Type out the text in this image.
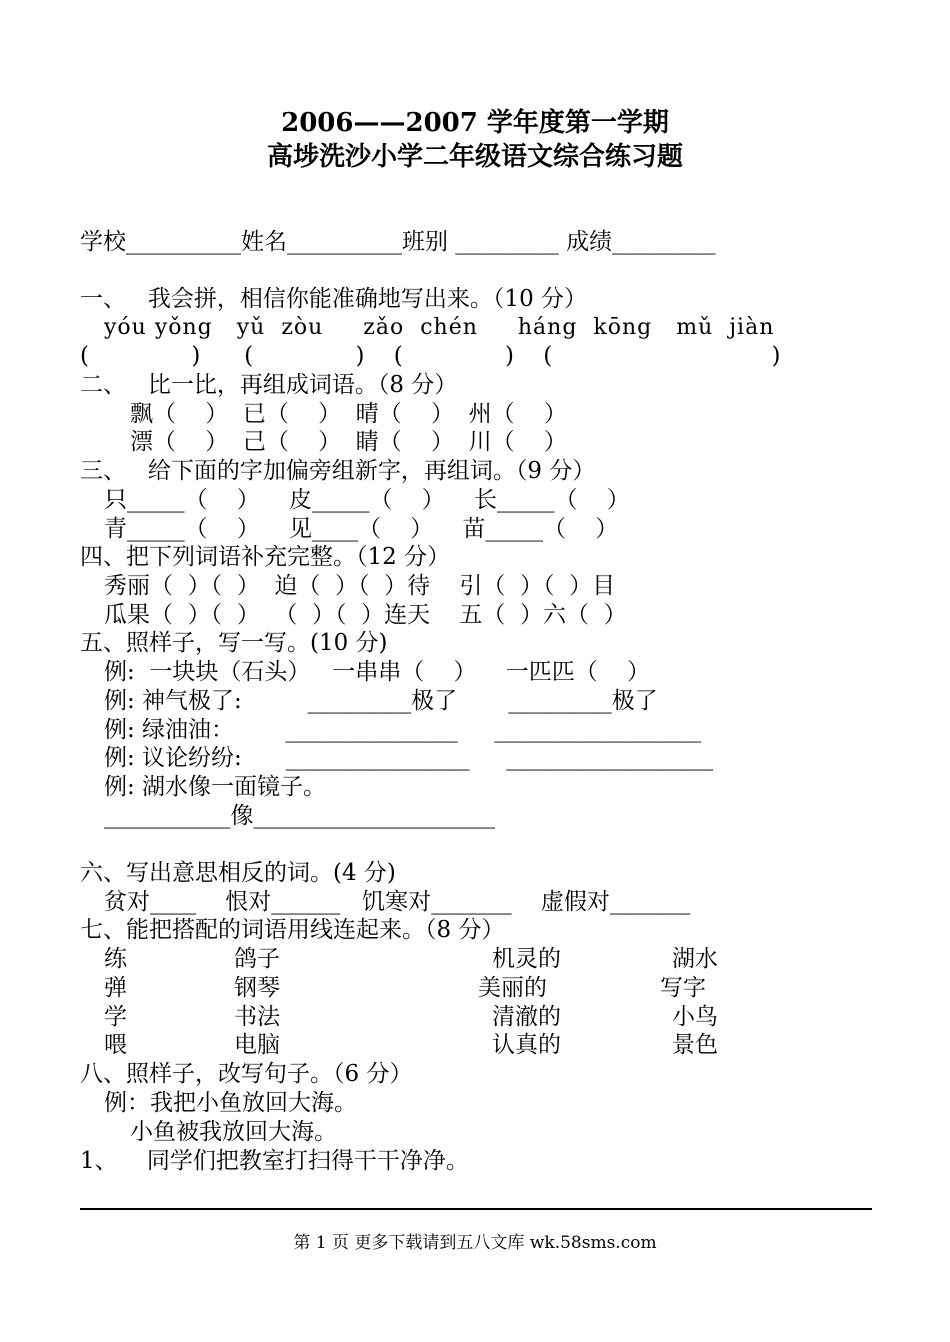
2006——2007 学年度第一学期
高埗洗沙小学二年级语文综合练习题
学校__________姓名__________班别 _________ 成绩_________
一、   我会拼，相信你能准确地写出来。（10 分）
yóu yǒng   yǔ  zòu     zǎo  chén     háng  kōng   mǔ  jiàn
(              )      (              )    (              )    (                              )
二、   比一比，再组成词语。（8 分）
飘（    ）  已（    ）  晴（    ）  州（    ）
漂（    ）  己（    ）  睛（    ）  川（    ）
三、   给下面的字加偏旁组新字，再组词。（9 分）
只_____（    ）    皮_____（    ）    长_____（    ）
青_____（    ）    见____（    ）    苗_____（    ）
四、把下列词语补充完整。（12 分）
秀丽（  ）（  ）  迫（  ）（  ）待    引（  ）（  ）目
瓜果（  ）（  ）  （  ）（  ）连天    五（  ）六（  ）
五、照样子，写一写。(10 分)
例:  一块块（石头）   一串串（    ）    一匹匹（    ）
例: 神气极了:         _________极了       _________极了
例: 绿油油：       _______________     __________________
例: 议论纷纷:      ________________     __________________
例: 湖水像一面镜子。
___________像_____________________
六、写出意思相反的词。(4 分)
贫对____    恨对______   饥寒对_______    虚假对_______
七、能把搭配的词语用线连起来。（8 分）
练
弹
学
喂
鸽子
钢琴
书法
电脑
机灵的
美丽的
清澈的
认真的
湖水
写字
小鸟
景色
八、照样子，改写句子。（6 分）
例：我把小鱼放回大海。
小鱼被我放回大海。
1、    同学们把教室打扫得干干净净。
第 1 页 更多下载请到五八文库 wk.58sms.com
